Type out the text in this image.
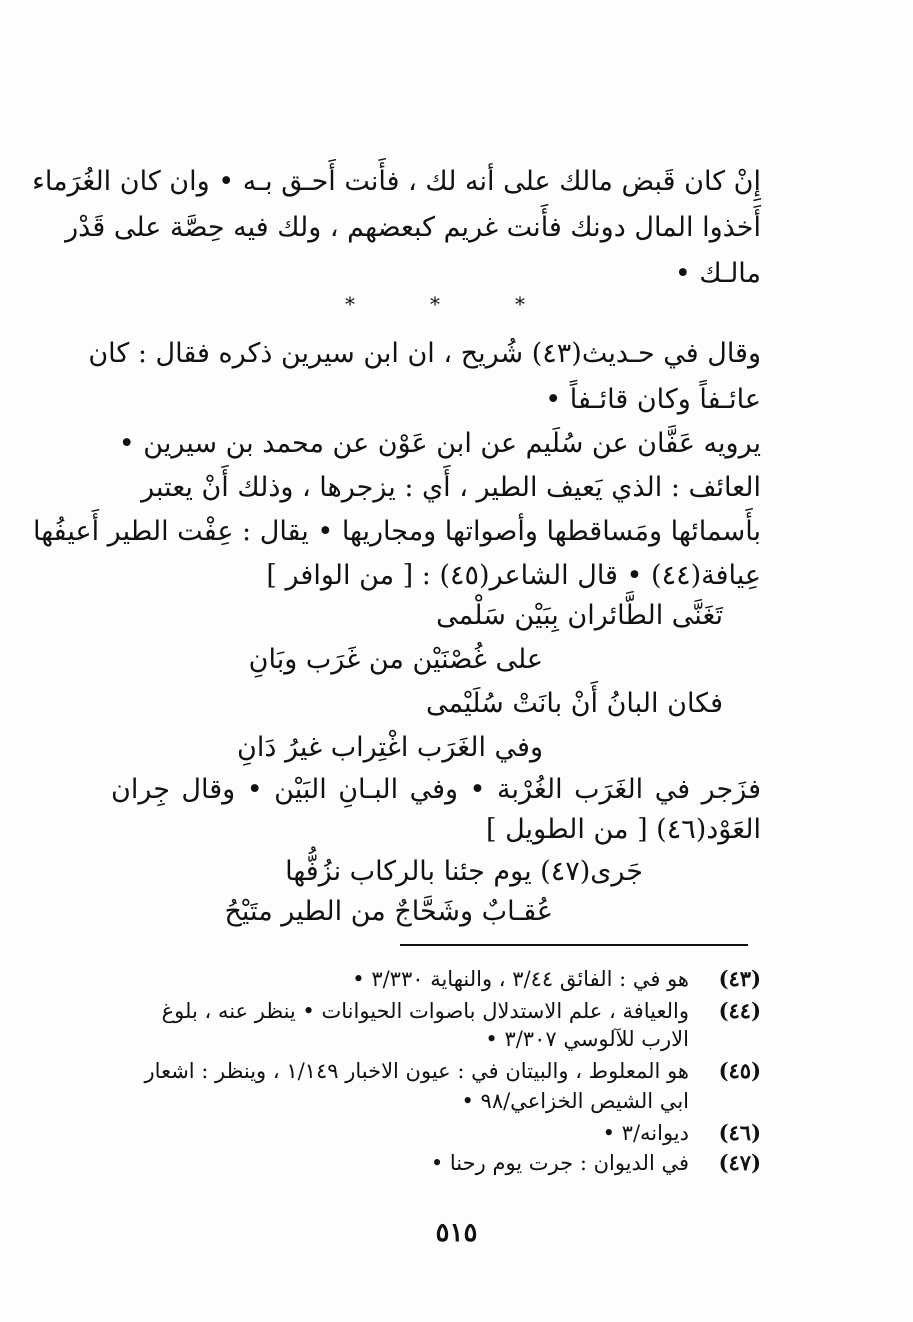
إِنْ كان قَبض مالك على أنه لك ، فأَنت أَحـق بـه • وان كان الغُرَماء
أَخذوا المال دونك فأَنت غريم كبعضهم ، ولك فيه حِصَّة على قَدْر
مالـك •
*	*	*
وقال في حـديث(٤٣) شُريح ، ان ابن سيرين ذكره فقال : كان
عائـفاً وكان قائـفاً •
يرويه عَفَّان عن سُلَيم عن ابن عَوْن عن محمد بن سيرين •
العائف : الذي يَعيف الطير ، أَي : يزجرها ، وذلك أَنْ يعتبر
بأَسمائها ومَساقطها وأصواتها ومجاريها • يقال : عِفْت الطير أَعيفُها
عِيافة(٤٤) • قال الشاعر(٤٥) : [ من الوافر ]
تَغَنَّى الطَّائران بِبَيْن سَلْمى
على غُصْنَيْن من غَرَب وبَانِ
فكان البانُ أَنْ بانَتْ سُلَيْمى
وفي الغَرَب اغْتِراب غيرُ دَانِ
فزَجر في الغَرَب الغُرْبة • وفي البـانِ البَيْن • وقال جِران
العَوْد(٤٦) [ من الطويل ]
جَرى(٤٧) يوم جئنا بالركاب نزُفُّها
عُقـابٌ وشَحَّاجٌ من الطير متَيْحُ
(٤٣)
هو في : الفائق ٣/٤٤ ، والنهاية ٣/٣٣٠ •
(٤٤)
والعيافة ، علم الاستدلال باصوات الحيوانات • ينظر عنه ، بلوغ
الارب للآلوسي ٣/٣٠٧ •
(٤٥)
هو المعلوط ، والبيتان في : عيون الاخبار ١/١٤٩ ، وينظر : اشعار
ابي الشيص الخزاعي/٩٨ •
(٤٦)
ديوانه/٣ •
(٤٧)
في الديوان : جرت يوم رحنا •
٥١٥
